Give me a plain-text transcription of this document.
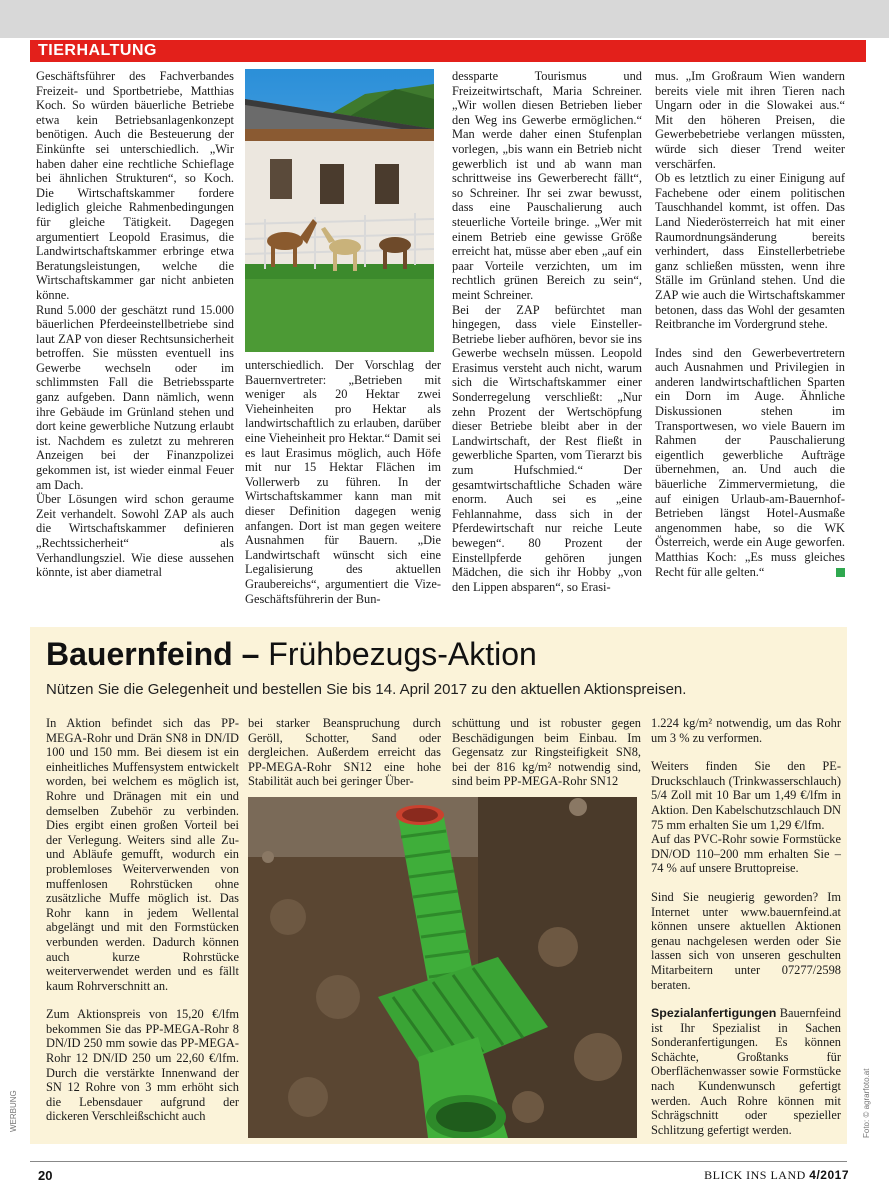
TIERHALTUNG

Geschäftsführer des Fachverbandes Freizeit- und Sportbetriebe, Matthias Koch. So würden bäuerliche Betriebe etwa kein Betriebsanlagenkonzept benötigen. Auch die Besteuerung der Einkünfte sei unterschiedlich. „Wir haben daher eine rechtliche Schieflage bei ähnlichen Strukturen“, so Koch. Die Wirtschaftskammer fordere lediglich gleiche Rahmenbedingungen für gleiche Tätigkeit. Dagegen argumentiert Leopold Erasimus, die Landwirtschaftskammer erbringe etwa Beratungsleistungen, welche die Wirtschaftskammer gar nicht anbieten könne.

Rund 5.000 der geschätzt rund 15.000 bäuerlichen Pferdeeinstellbetriebe sind laut ZAP von dieser Rechtsunsicherheit betroffen. Sie müssten eventuell ins Gewerbe wechseln oder im schlimmsten Fall die Betriebssparte ganz aufgeben. Dann nämlich, wenn ihre Gebäude im Grünland stehen und dort keine gewerbliche Nutzung erlaubt ist. Nachdem es zuletzt zu mehreren Anzeigen bei der Finanzpolizei gekommen ist, ist wieder einmal Feuer am Dach.

Über Lösungen wird schon geraume Zeit verhandelt. Sowohl ZAP als auch die Wirtschaftskammer definieren „Rechtssicherheit“ als Verhandlungsziel. Wie diese aussehen könnte, ist aber diametral

unterschiedlich. Der Vorschlag der Bauernvertreter: „Betrieben mit weniger als 20 Hektar zwei Vieheinheiten pro Hektar als landwirtschaftlich zu erlauben, darüber eine Vieheinheit pro Hektar.“ Damit sei es laut Erasimus möglich, auch Höfe mit nur 15 Hektar Flächen im Vollerwerb zu führen. In der Wirtschaftskammer kann man mit dieser Definition dagegen wenig anfangen. Dort ist man gegen weitere Ausnahmen für Bauern. „Die Landwirtschaft wünscht sich eine Legalisierung des aktuellen Graubereichs“, argumentiert die Vize-Geschäftsführerin der Bun-

dessparte Tourismus und Freizeitwirtschaft, Maria Schreiner. „Wir wollen diesen Betrieben lieber den Weg ins Gewerbe ermöglichen.“ Man werde daher einen Stufenplan vorlegen, „bis wann ein Betrieb nicht gewerblich ist und ab wann man schrittweise ins Gewerberecht fällt“, so Schreiner. Ihr sei zwar bewusst, dass eine Pauschalierung auch steuerliche Vorteile bringe. „Wer mit einem Betrieb eine gewisse Größe erreicht hat, müsse aber eben „auf ein paar Vorteile verzichten, um im rechtlich grünen Bereich zu sein“, meint Schreiner.

Bei der ZAP befürchtet man hingegen, dass viele Einsteller-Betriebe lieber aufhören, bevor sie ins Gewerbe wechseln müssen. Leopold Erasimus versteht auch nicht, warum sich die Wirtschaftskammer einer Sonderregelung verschließt: „Nur zehn Prozent der Wertschöpfung dieser Betriebe bleibt aber in der Landwirtschaft, der Rest fließt in gewerbliche Sparten, vom Tierarzt bis zum Hufschmied.“ Der gesamtwirtschaftliche Schaden wäre enorm. Auch sei es „eine Fehlannahme, dass sich in der Pferdewirtschaft nur reiche Leute bewegen“. 80 Prozent der Einstellpferde gehören jungen Mädchen, die sich ihr Hobby „von den Lippen absparen“, so Erasi-

mus. „Im Großraum Wien wandern bereits viele mit ihren Tieren nach Ungarn oder in die Slowakei aus.“ Mit den höheren Preisen, die Gewerbebetriebe verlangen müssten, würde sich dieser Trend weiter verschärfen.

Ob es letztlich zu einer Einigung auf Fachebene oder einem politischen Tauschhandel kommt, ist offen. Das Land Niederösterreich hat mit einer Raumordnungsänderung bereits verhindert, dass Einstellerbetriebe ganz schließen müssten, wenn ihre Ställe im Grünland stehen. Und die ZAP wie auch die Wirtschaftskammer betonen, dass das Wohl der gesamten Reitbranche im Vordergrund stehe.

Indes sind den Gewerbevertretern auch Ausnahmen und Privilegien in anderen landwirtschaftlichen Sparten ein Dorn im Auge. Ähnliche Diskussionen stehen im Transportwesen, wo viele Bauern im Rahmen der Pauschalierung eigentlich gewerbliche Aufträge übernehmen, an. Und auch die bäuerliche Zimmervermietung, die auf einigen Urlaub-am-Bauernhof-Betrieben längst Hotel-Ausmaße angenommen habe, so die WK Österreich, werde ein Auge geworfen. Matthias Koch: „Es muss gleiches Recht für alle gelten.“

Bauernfeind – Frühbezugs-Aktion
Nützen Sie die Gelegenheit und bestellen Sie bis 14. April 2017 zu den aktuellen Aktionspreisen.

In Aktion befindet sich das PP-MEGA-Rohr und Drän SN8 in DN/ID 100 und 150 mm. Bei diesem ist ein einheitliches Muffensystem entwickelt worden, bei welchem es möglich ist, Rohre und Dränagen mit ein und demselben Zubehör zu verbinden. Dies ergibt einen großen Vorteil bei der Verlegung. Weiters sind alle Zu- und Abläufe gemufft, wodurch ein problemloses Weiterverwenden von muffenlosen Rohrstücken ohne zusätzliche Muffe möglich ist. Das Rohr kann in jedem Wellental abgelängt und mit den Formstücken verbunden werden. Dadurch können auch kurze Rohrstücke weiterverwendet werden und es fällt kaum Rohrverschnitt an.

Zum Aktionspreis von 15,20 €/lfm bekommen Sie das PP-MEGA-Rohr 8 DN/ID 250 mm sowie das PP-MEGA-Rohr 12 DN/ID 250 um 22,60 €/lfm. Durch die verstärkte Innenwand der SN 12 Rohre von 3 mm erhöht sich die Lebensdauer aufgrund der dickeren Verschleißschicht auch

bei starker Beanspruchung durch Geröll, Schotter, Sand oder dergleichen. Außerdem erreicht das PP-MEGA-Rohr SN12 eine hohe Stabilität auch bei geringer Über-

schüttung und ist robuster gegen Beschädigungen beim Einbau. Im Gegensatz zur Ringsteifigkeit SN8, bei der 816 kg/m² notwendig sind, sind beim PP-MEGA-Rohr SN12

1.224 kg/m² notwendig, um das Rohr um 3 % zu verformen.

Weiters finden Sie den PE-Druckschlauch (Trinkwasserschlauch) 5/4 Zoll mit 10 Bar um 1,49 €/lfm in Aktion. Den Kabelschutzschlauch DN 75 mm erhalten Sie um 1,29 €/lfm.

Auf das PVC-Rohr sowie Formstücke DN/OD 110–200 mm erhalten Sie –74 % auf unsere Bruttopreise.

Sind Sie neugierig geworden? Im Internet unter www.bauernfeind.at können unsere aktuellen Aktionen genau nachgelesen werden oder Sie lassen sich von unseren geschulten Mitarbeitern unter 07277/2598 beraten.

Spezialanfertigungen Bauernfeind ist Ihr Spezialist in Sachen Sonderanfertigungen. Es können Schächte, Großtanks für Oberflächenwasser sowie Formstücke nach Kundenwunsch gefertigt werden. Auch Rohre können mit Schrägschnitt oder spezieller Schlitzung gefertigt werden.

WERBUNG	Foto: © agrarfoto.at
20	BLICK INS LAND 4/2017
